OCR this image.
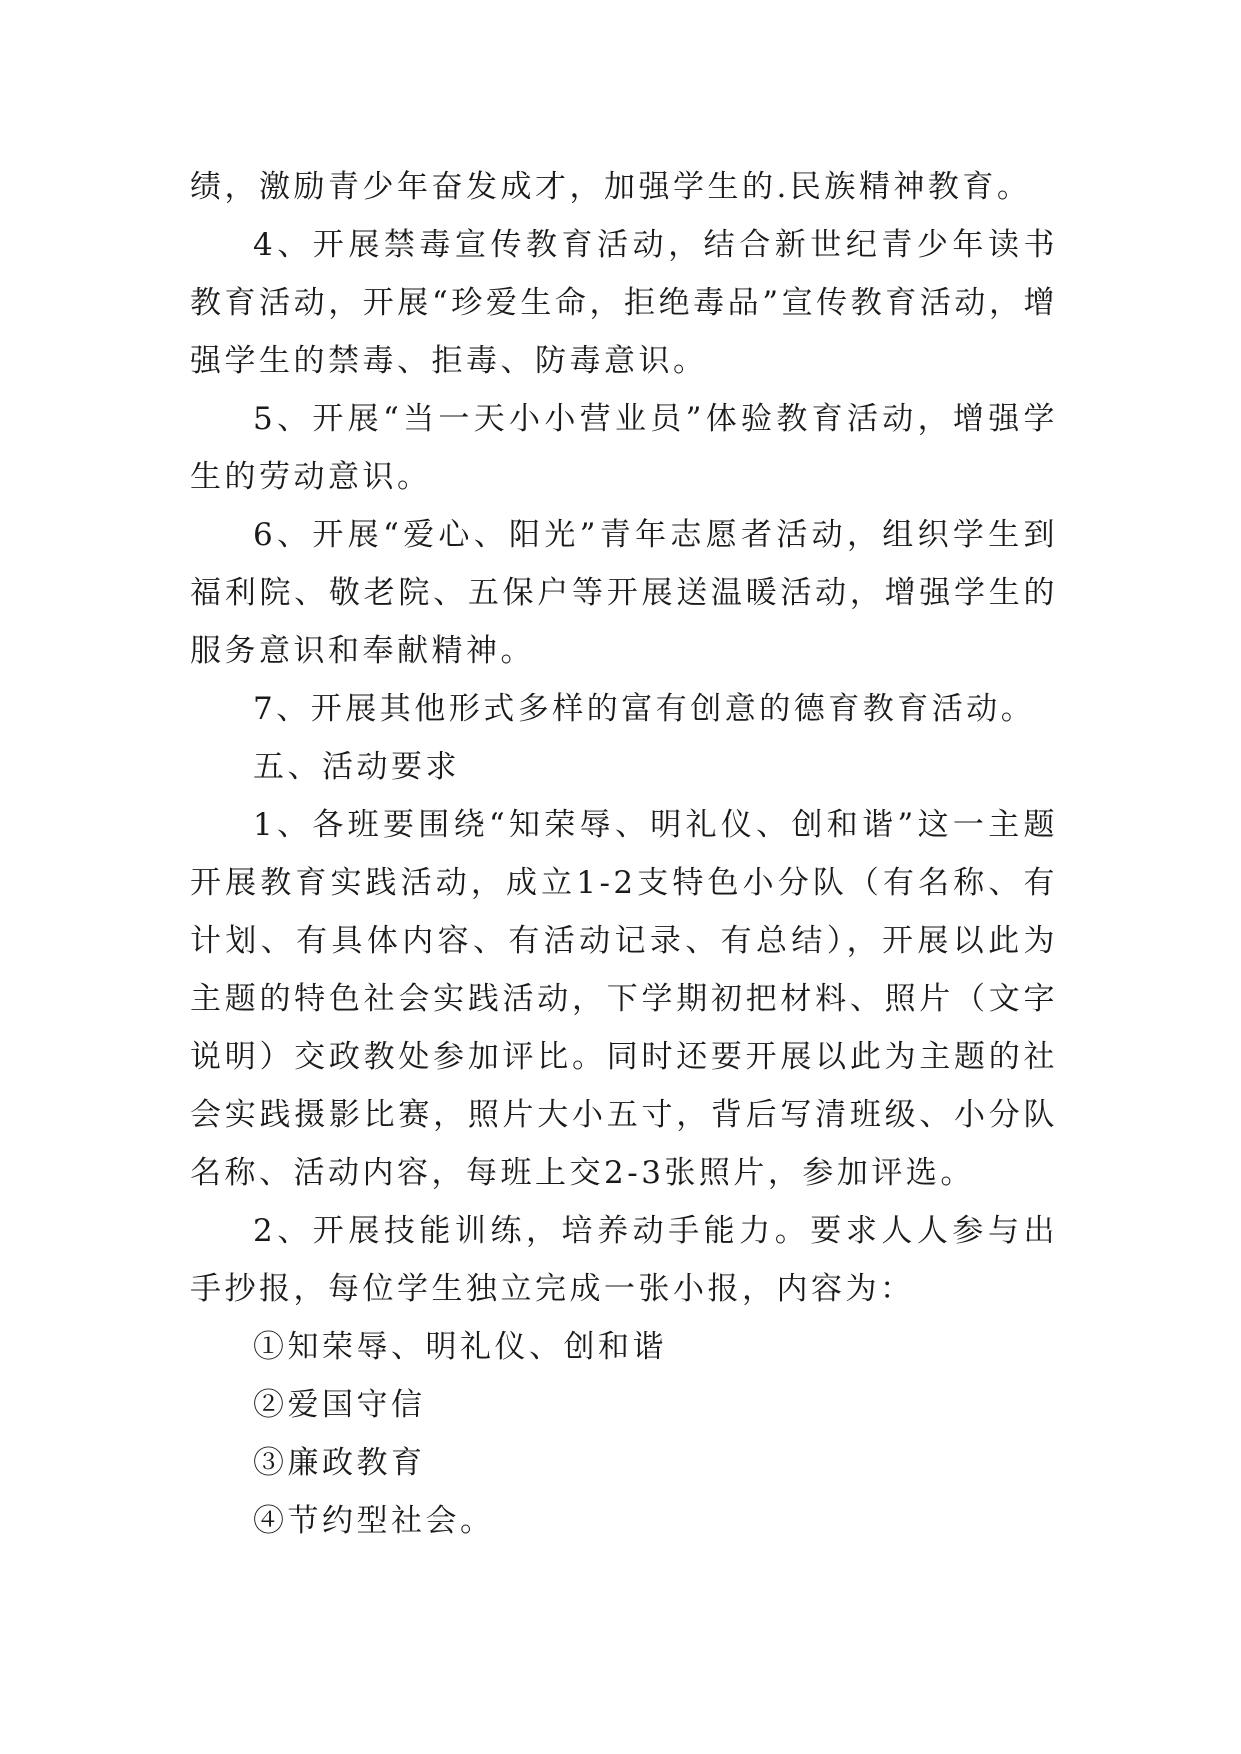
绩，激励青少年奋发成才，加强学生的.民族精神教育。

4、开展禁毒宣传教育活动，结合新世纪青少年读书教育活动，开展“珍爱生命，拒绝毒品”宣传教育活动，增强学生的禁毒、拒毒、防毒意识。

5、开展“当一天小小营业员”体验教育活动，增强学生的劳动意识。

6、开展“爱心、阳光”青年志愿者活动，组织学生到福利院、敬老院、五保户等开展送温暖活动，增强学生的服务意识和奉献精神。

7、开展其他形式多样的富有创意的德育教育活动。

五、活动要求

1、各班要围绕“知荣辱、明礼仪、创和谐”这一主题开展教育实践活动，成立1-2支特色小分队（有名称、有计划、有具体内容、有活动记录、有总结），开展以此为主题的特色社会实践活动，下学期初把材料、照片（文字说明）交政教处参加评比。同时还要开展以此为主题的社会实践摄影比赛，照片大小五寸，背后写清班级、小分队名称、活动内容，每班上交2-3张照片，参加评选。

2、开展技能训练，培养动手能力。要求人人参与出手抄报，每位学生独立完成一张小报，内容为：

①知荣辱、明礼仪、创和谐

②爱国守信

③廉政教育

④节约型社会。
